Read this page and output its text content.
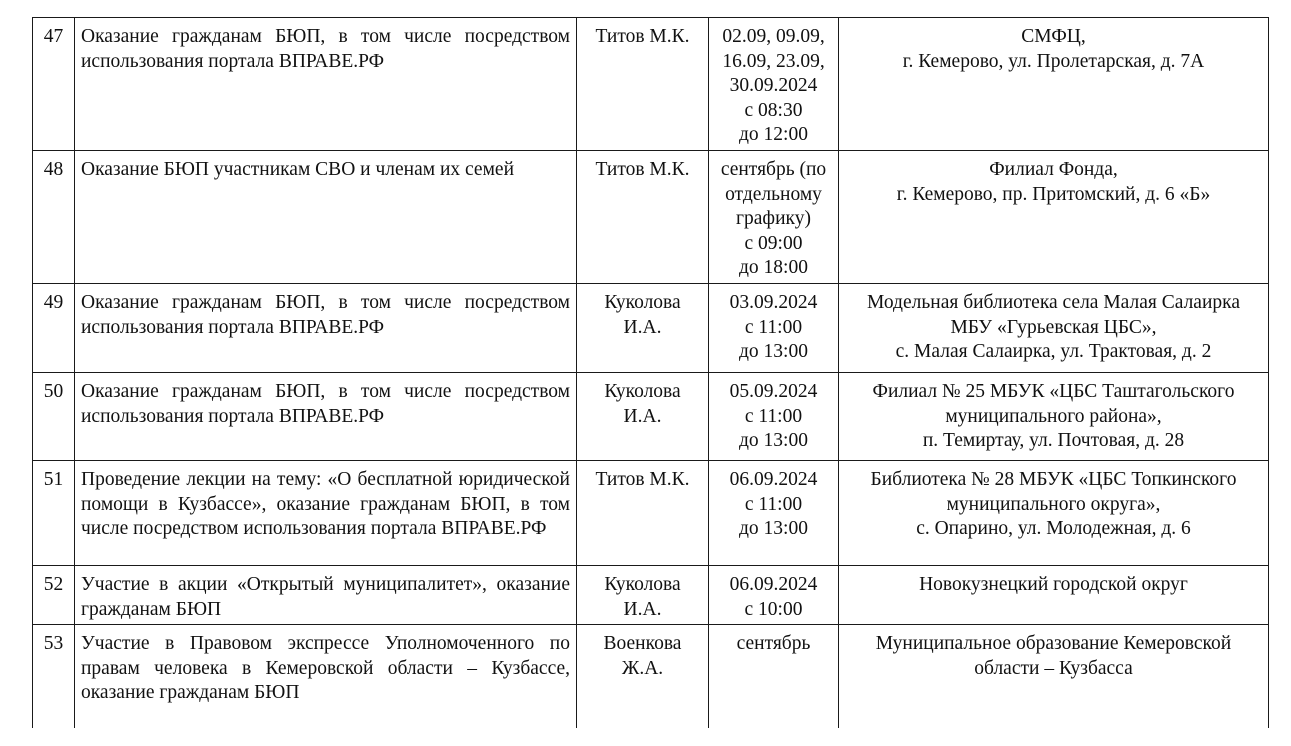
47	Оказание гражданам БЮП, в том числе посредством использования портала ВПРАВЕ.РФ	Титов М.К.	02.09, 09.09,
16.09, 23.09,
30.09.2024
с 08:30
до 12:00	СМФЦ,
г. Кемерово, ул. Пролетарская, д. 7А

48	Оказание БЮП участникам СВО и членам их семей	Титов М.К.	сентябрь (по
отдельному
графику)
с 09:00
до 18:00	Филиал Фонда,
г. Кемерово, пр. Притомский, д. 6 «Б»

49	Оказание гражданам БЮП, в том числе посредством использования портала ВПРАВЕ.РФ	Куколова
И.А.	03.09.2024
с 11:00
до 13:00	Модельная библиотека села Малая Салаирка
МБУ «Гурьевская ЦБС»,
с. Малая Салаирка, ул. Трактовая, д. 2

50	Оказание гражданам БЮП, в том числе посредством использования портала ВПРАВЕ.РФ	Куколова
И.А.	05.09.2024
с 11:00
до 13:00	Филиал № 25 МБУК «ЦБС Таштагольского
муниципального района»,
п. Темиртау, ул. Почтовая, д. 28

51	Проведение лекции на тему: «О бесплатной юридической помощи в Кузбассе», оказание гражданам БЮП, в том числе посредством использования портала ВПРАВЕ.РФ	Титов М.К.	06.09.2024
с 11:00
до 13:00	Библиотека № 28 МБУК «ЦБС Топкинского
муниципального округа»,
с. Опарино, ул. Молодежная, д. 6

52	Участие в акции «Открытый муниципалитет», оказание гражданам БЮП	Куколова
И.А.	06.09.2024
с 10:00	Новокузнецкий городской округ

53	Участие в Правовом экспрессе Уполномоченного по правам человека в Кемеровской области – Кузбассе, оказание гражданам БЮП	Военкова
Ж.А.	сентябрь	Муниципальное образование Кемеровской
области – Кузбасса
